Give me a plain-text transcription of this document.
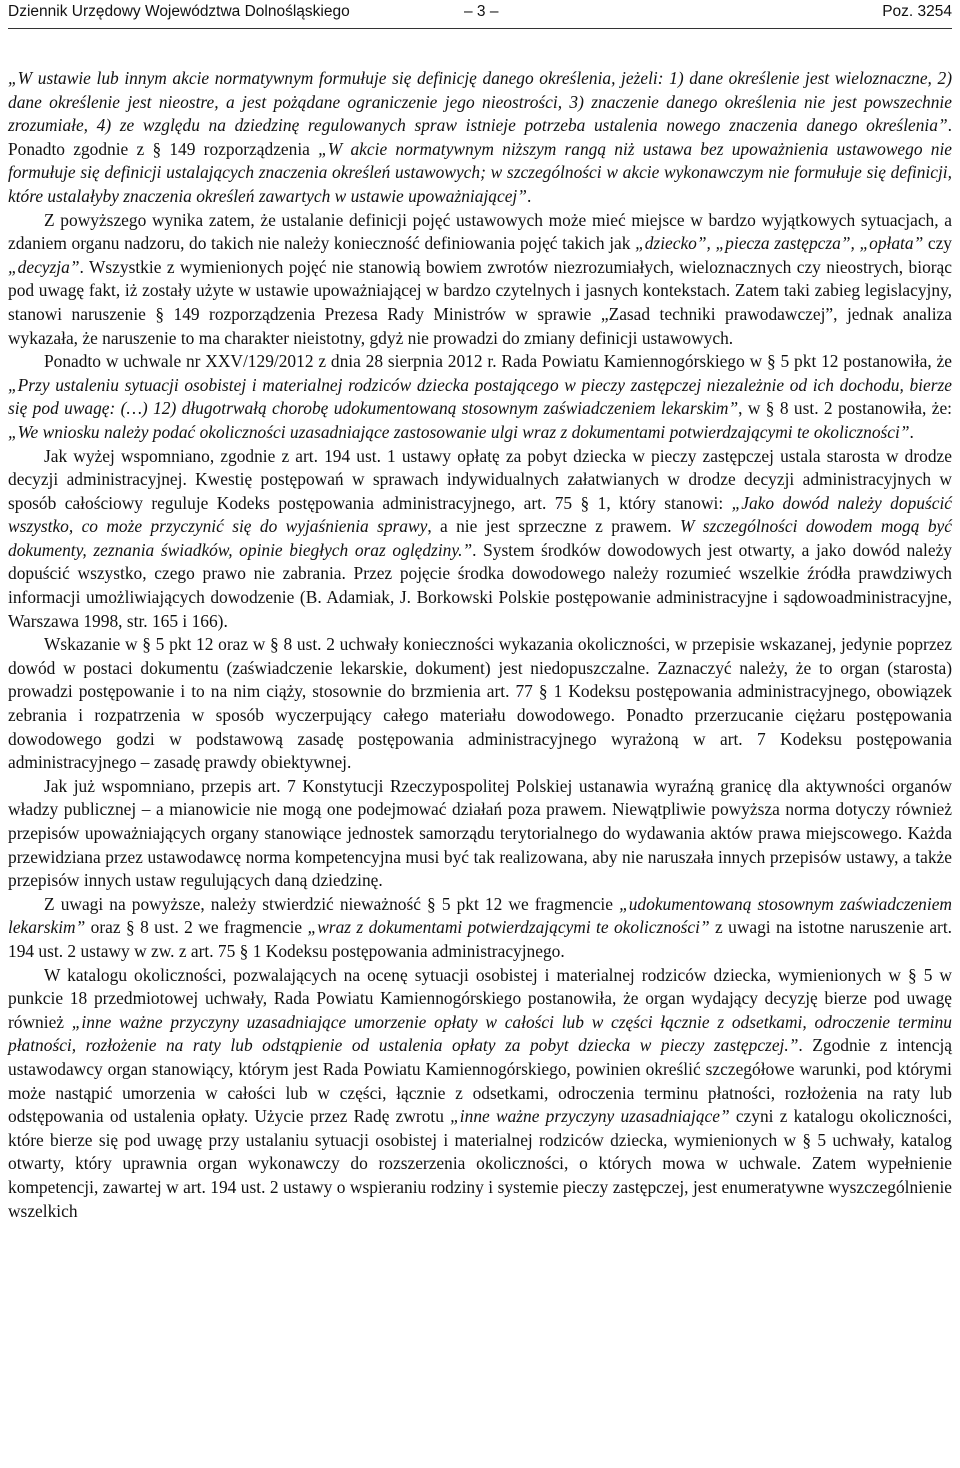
Dziennik Urzędowy Województwa Dolnośląskiego	– 3 –	Poz. 3254

„W ustawie lub innym akcie normatywnym formułuje się definicję danego określenia, jeżeli: 1) dane określenie jest wieloznaczne, 2) dane określenie jest nieostre, a jest pożądane ograniczenie jego nieostrości, 3) znaczenie danego określenia nie jest powszechnie zrozumiałe, 4) ze względu na dziedzinę regulowanych spraw istnieje potrzeba ustalenia nowego znaczenia danego określenia”. Ponadto zgodnie z § 149 rozporządzenia „W akcie normatywnym niższym rangą niż ustawa bez upoważnienia ustawowego nie formułuje się definicji ustalających znaczenia określeń ustawowych; w szczególności w akcie wykonawczym nie formułuje się definicji, które ustalałyby znaczenia określeń zawartych w ustawie upoważniającej”.

Z powyższego wynika zatem, że ustalanie definicji pojęć ustawowych może mieć miejsce w bardzo wyjątkowych sytuacjach, a zdaniem organu nadzoru, do takich nie należy konieczność definiowania pojęć takich jak „dziecko”, „piecza zastępcza”, „opłata” czy „decyzja”. Wszystkie z wymienionych pojęć nie stanowią bowiem zwrotów niezrozumiałych, wieloznacznych czy nieostrych, biorąc pod uwagę fakt, iż zostały użyte w ustawie upoważniającej w bardzo czytelnych i jasnych kontekstach. Zatem taki zabieg legislacyjny, stanowi naruszenie § 149 rozporządzenia Prezesa Rady Ministrów w sprawie „Zasad techniki prawodawczej”, jednak analiza wykazała, że naruszenie to ma charakter nieistotny, gdyż nie prowadzi do zmiany definicji ustawowych.

Ponadto w uchwale nr XXV/129/2012 z dnia 28 sierpnia 2012 r. Rada Powiatu Kamiennogórskiego w § 5 pkt 12 postanowiła, że „Przy ustaleniu sytuacji osobistej i materialnej rodziców dziecka postającego w pieczy zastępczej niezależnie od ich dochodu, bierze się pod uwagę: (…) 12) długotrwałą chorobę udokumentowaną stosownym zaświadczeniem lekarskim”, w § 8 ust. 2 postanowiła, że: „We wniosku należy podać okoliczności uzasadniające zastosowanie ulgi wraz z dokumentami potwierdzającymi te okoliczności”.

Jak wyżej wspomniano, zgodnie z art. 194 ust. 1 ustawy opłatę za pobyt dziecka w pieczy zastępczej ustala starosta w drodze decyzji administracyjnej. Kwestię postępowań w sprawach indywidualnych załatwianych w drodze decyzji administracyjnych w sposób całościowy reguluje Kodeks postępowania administracyjnego, art. 75 § 1, który stanowi: „Jako dowód należy dopuścić wszystko, co może przyczynić się do wyjaśnienia sprawy, a nie jest sprzeczne z prawem. W szczególności dowodem mogą być dokumenty, zeznania świadków, opinie biegłych oraz oględziny.”. System środków dowodowych jest otwarty, a jako dowód należy dopuścić wszystko, czego prawo nie zabrania. Przez pojęcie środka dowodowego należy rozumieć wszelkie źródła prawdziwych informacji umożliwiających dowodzenie (B. Adamiak, J. Borkowski Polskie postępowanie administracyjne i sądowoadministracyjne, Warszawa 1998, str. 165 i 166).

Wskazanie w § 5 pkt 12 oraz w § 8 ust. 2 uchwały konieczności wykazania okoliczności, w przepisie wskazanej, jedynie poprzez dowód w postaci dokumentu (zaświadczenie lekarskie, dokument) jest niedopuszczalne. Zaznaczyć należy, że to organ (starosta) prowadzi postępowanie i to na nim ciąży, stosownie do brzmienia art. 77 § 1 Kodeksu postępowania administracyjnego, obowiązek zebrania i rozpatrzenia w sposób wyczerpujący całego materiału dowodowego. Ponadto przerzucanie ciężaru postępowania dowodowego godzi w podstawową zasadę postępowania administracyjnego wyrażoną w art. 7 Kodeksu postępowania administracyjnego – zasadę prawdy obiektywnej.

Jak już wspomniano, przepis art. 7 Konstytucji Rzeczypospolitej Polskiej ustanawia wyraźną granicę dla aktywności organów władzy publicznej – a mianowicie nie mogą one podejmować działań poza prawem. Niewątpliwie powyższa norma dotyczy również przepisów upoważniających organy stanowiące jednostek samorządu terytorialnego do wydawania aktów prawa miejscowego. Każda przewidziana przez ustawodawcę norma kompetencyjna musi być tak realizowana, aby nie naruszała innych przepisów ustawy, a także przepisów innych ustaw regulujących daną dziedzinę.

Z uwagi na powyższe, należy stwierdzić nieważność § 5 pkt 12 we fragmencie „udokumentowaną stosownym zaświadczeniem lekarskim” oraz § 8 ust. 2 we fragmencie „wraz z dokumentami potwierdzającymi te okoliczności” z uwagi na istotne naruszenie art. 194 ust. 2 ustawy w zw. z art. 75 § 1 Kodeksu postępowania administracyjnego.

W katalogu okoliczności, pozwalających na ocenę sytuacji osobistej i materialnej rodziców dziecka, wymienionych w § 5 w punkcie 18 przedmiotowej uchwały, Rada Powiatu Kamiennogórskiego postanowiła, że organ wydający decyzję bierze pod uwagę również „inne ważne przyczyny uzasadniające umorzenie opłaty w całości lub w części łącznie z odsetkami, odroczenie terminu płatności, rozłożenie na raty lub odstąpienie od ustalenia opłaty za pobyt dziecka w pieczy zastępczej.”. Zgodnie z intencją ustawodawcy organ stanowiący, którym jest Rada Powiatu Kamiennogórskiego, powinien określić szczegółowe warunki, pod którymi może nastąpić umorzenia w całości lub w części, łącznie z odsetkami, odroczenia terminu płatności, rozłożenia na raty lub odstępowania od ustalenia opłaty. Użycie przez Radę zwrotu „inne ważne przyczyny uzasadniające” czyni z katalogu okoliczności, które bierze się pod uwagę przy ustalaniu sytuacji osobistej i materialnej rodziców dziecka, wymienionych w § 5 uchwały, katalog otwarty, który uprawnia organ wykonawczy do rozszerzenia okoliczności, o których mowa w uchwale. Zatem wypełnienie kompetencji, zawartej w art. 194 ust. 2 ustawy o wspieraniu rodziny i systemie pieczy zastępczej, jest enumeratywne wyszczególnienie wszelkich
